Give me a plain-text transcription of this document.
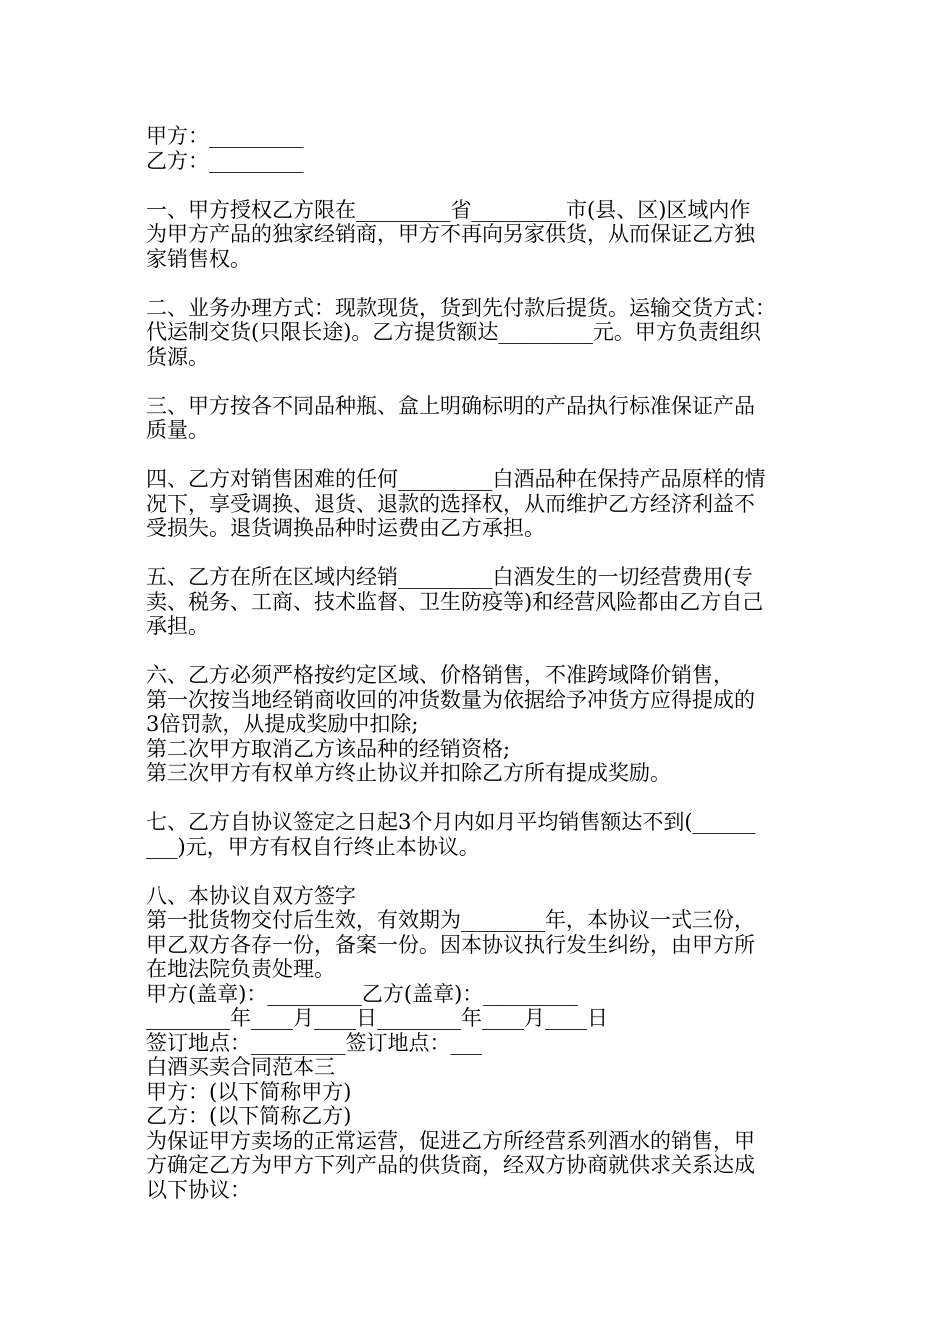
甲方：_________
乙方：_________
一、甲方授权乙方限在_________省_________市(县、区)区域内作
为甲方产品的独家经销商，甲方不再向另家供货，从而保证乙方独
家销售权。
二、业务办理方式：现款现货，货到先付款后提货。运输交货方式：
代运制交货(只限长途)。乙方提货额达_________元。甲方负责组织
货源。
三、甲方按各不同品种瓶、盒上明确标明的产品执行标准保证产品
质量。
四、乙方对销售困难的任何_________白酒品种在保持产品原样的情
况下，享受调换、退货、退款的选择权，从而维护乙方经济利益不
受损失。退货调换品种时运费由乙方承担。
五、乙方在所在区域内经销_________白酒发生的一切经营费用(专
卖、税务、工商、技术监督、卫生防疫等)和经营风险都由乙方自己
承担。
六、乙方必须严格按约定区域、价格销售，不准跨域降价销售，
第一次按当地经销商收回的冲货数量为依据给予冲货方应得提成的
3倍罚款，从提成奖励中扣除;
第二次甲方取消乙方该品种的经销资格;
第三次甲方有权单方终止协议并扣除乙方所有提成奖励。
七、乙方自协议签定之日起3个月内如月平均销售额达不到(______
___)元，甲方有权自行终止本协议。
八、本协议自双方签字
第一批货物交付后生效，有效期为________年，本协议一式三份，
甲乙双方各存一份，备案一份。因本协议执行发生纠纷，由甲方所
在地法院负责处理。
甲方(盖章)：_________乙方(盖章)：_________
________年____月____日________年____月____日
签订地点：_________签订地点：___
白酒买卖合同范本三
甲方：(以下简称甲方)
乙方：(以下简称乙方)
为保证甲方卖场的正常运营，促进乙方所经营系列酒水的销售，甲
方确定乙方为甲方下列产品的供货商，经双方协商就供求关系达成
以下协议：
